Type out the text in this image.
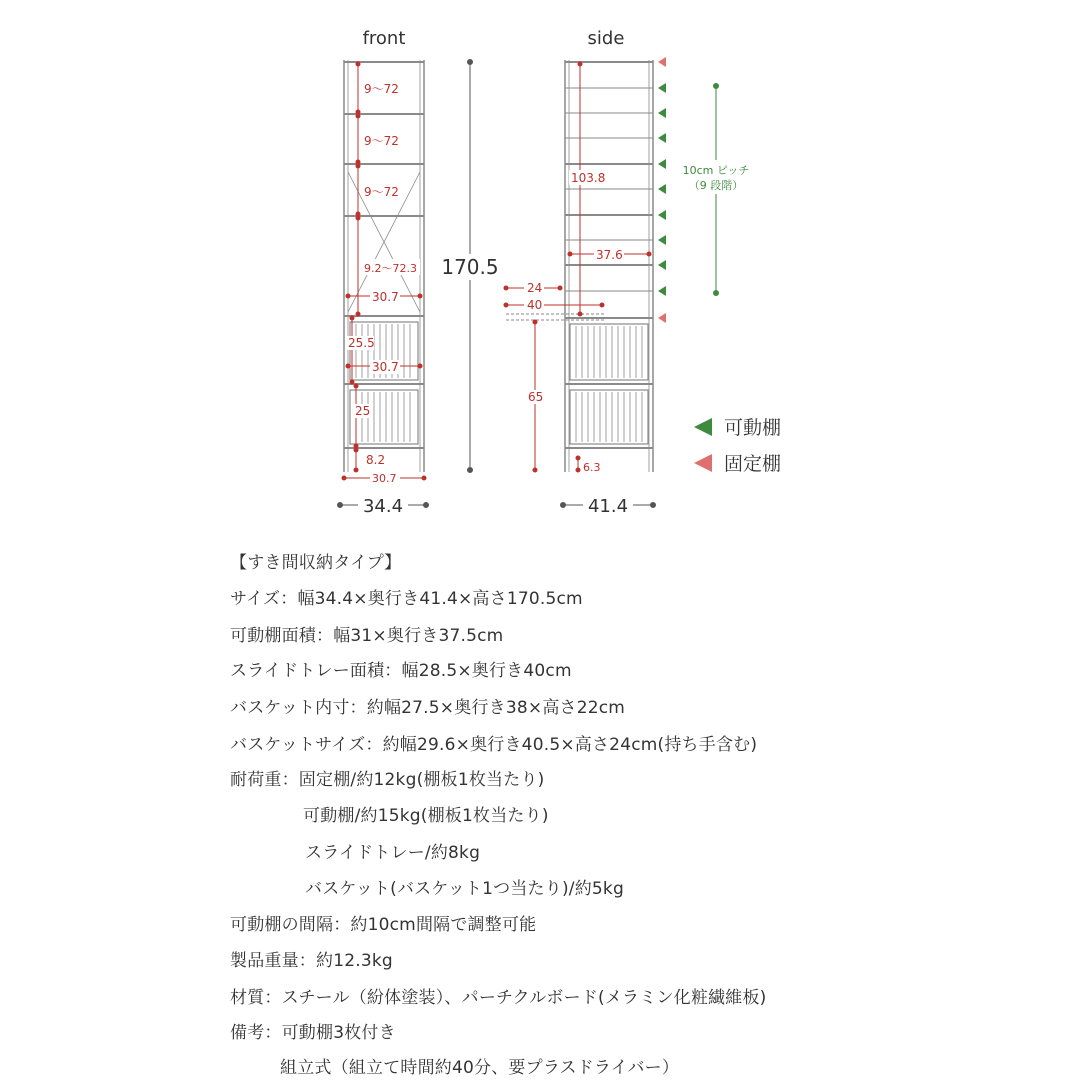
front	side
9～72
9～72
9～72
9.2～72.3
30.7
25.5
30.7
25
8.2
30.7
170.5
34.4
103.8
37.6
24
40
65
6.3
10cm ピッチ
（9 段階）
41.4
可動棚
固定棚
【すき間収納タイプ】
サイズ：幅34.4×奥行き41.4×高さ170.5cm
可動棚面積：幅31×奥行き37.5cm
スライドトレー面積：幅28.5×奥行き40cm
バスケット内寸：約幅27.5×奥行き38×高さ22cm
バスケットサイズ：約幅29.6×奥行き40.5×高さ24cm(持ち手含む)
耐荷重：固定棚/約12kg(棚板1枚当たり)
可動棚/約15kg(棚板1枚当たり)
スライドトレー/約8kg
バスケット(バスケット1つ当たり)/約5kg
可動棚の間隔：約10cm間隔で調整可能
製品重量：約12.3kg
材質：スチール（紛体塗装）、パーチクルボード(メラミン化粧繊維板)
備考：可動棚3枚付き
組立式（組立て時間約40分、要プラスドライバー）
